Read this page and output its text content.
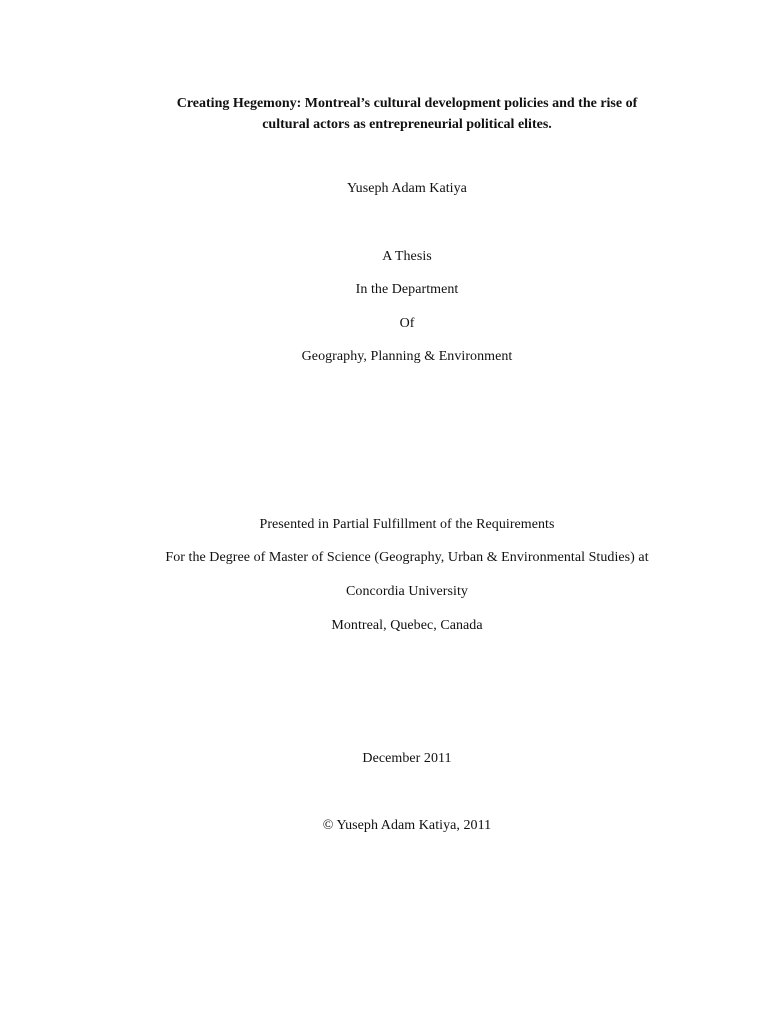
Creating Hegemony: Montreal’s cultural development policies and the rise of
cultural actors as entrepreneurial political elites.
Yuseph Adam Katiya
A Thesis
In the Department
Of
Geography, Planning & Environment
Presented in Partial Fulfillment of the Requirements
For the Degree of Master of Science (Geography, Urban & Environmental Studies) at
Concordia University
Montreal, Quebec, Canada
December 2011
© Yuseph Adam Katiya, 2011
